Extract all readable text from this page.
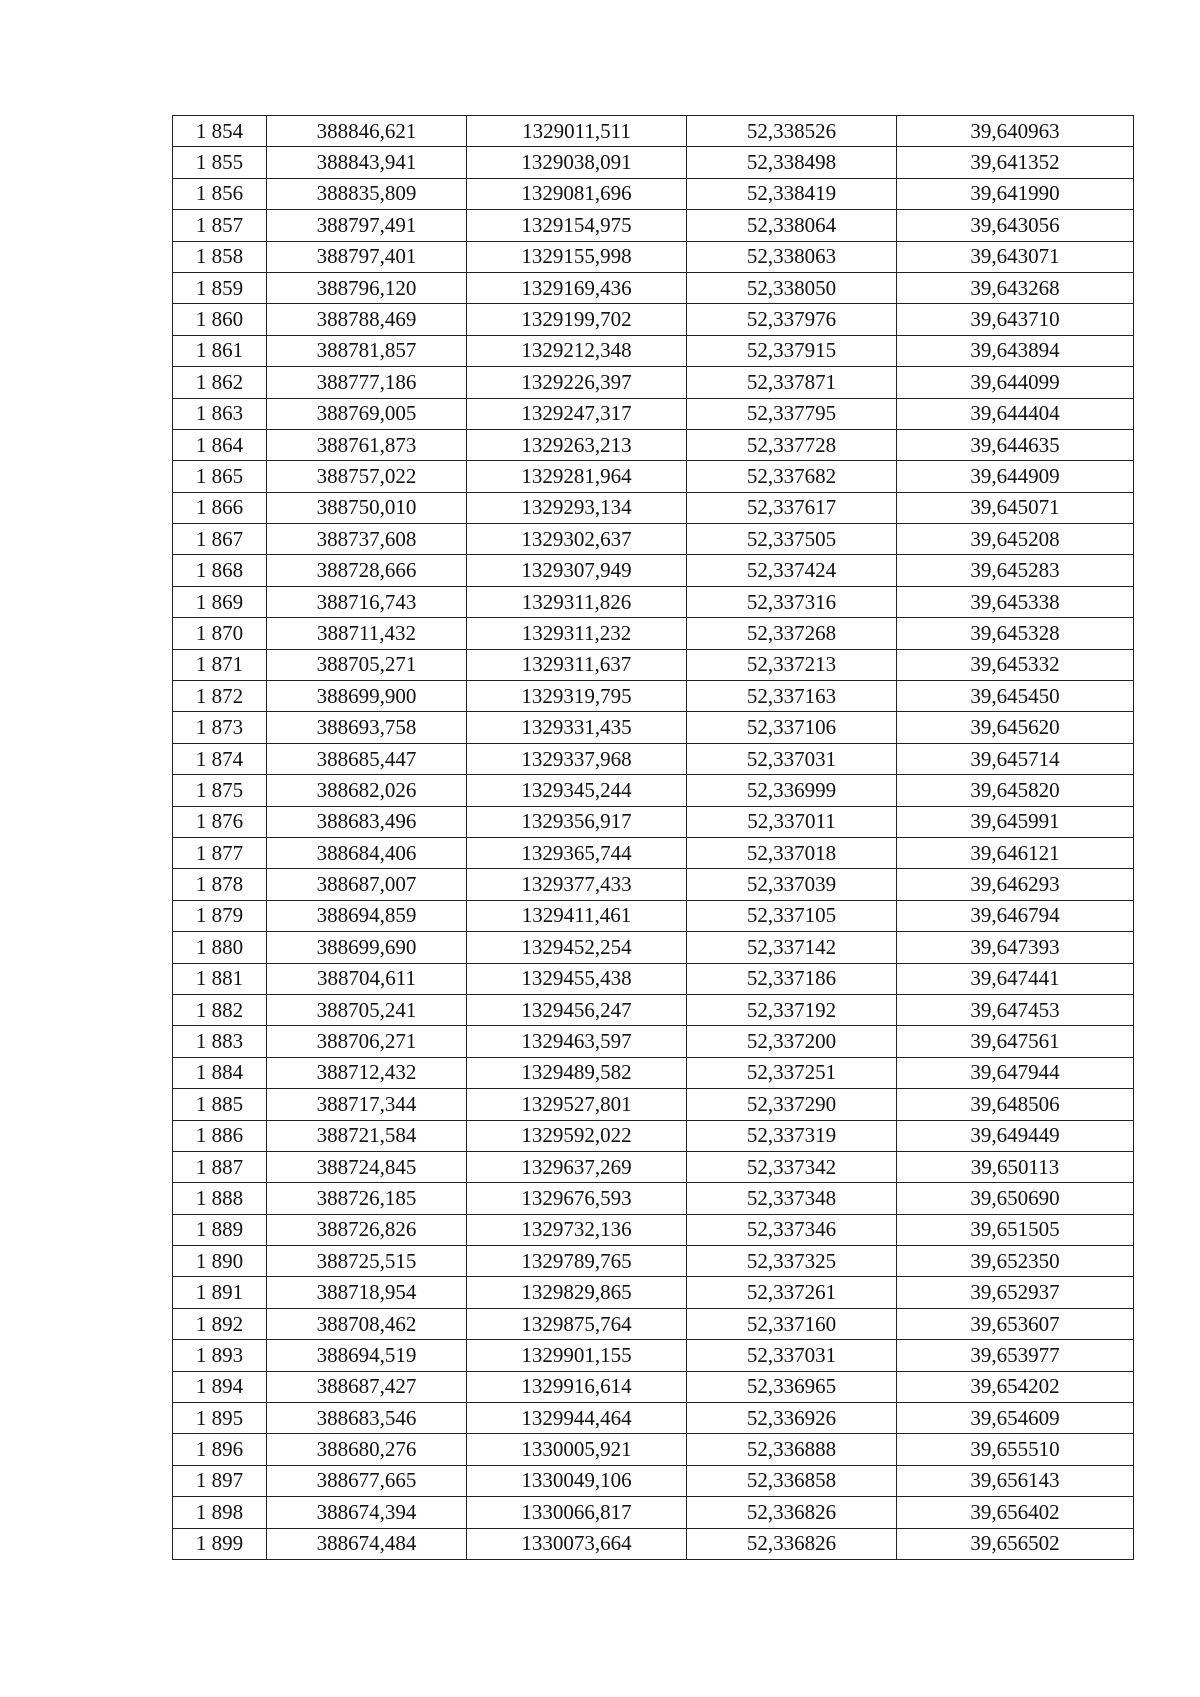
1 854	388846,621	1329011,511	52,338526	39,640963
1 855	388843,941	1329038,091	52,338498	39,641352
1 856	388835,809	1329081,696	52,338419	39,641990
1 857	388797,491	1329154,975	52,338064	39,643056
1 858	388797,401	1329155,998	52,338063	39,643071
1 859	388796,120	1329169,436	52,338050	39,643268
1 860	388788,469	1329199,702	52,337976	39,643710
1 861	388781,857	1329212,348	52,337915	39,643894
1 862	388777,186	1329226,397	52,337871	39,644099
1 863	388769,005	1329247,317	52,337795	39,644404
1 864	388761,873	1329263,213	52,337728	39,644635
1 865	388757,022	1329281,964	52,337682	39,644909
1 866	388750,010	1329293,134	52,337617	39,645071
1 867	388737,608	1329302,637	52,337505	39,645208
1 868	388728,666	1329307,949	52,337424	39,645283
1 869	388716,743	1329311,826	52,337316	39,645338
1 870	388711,432	1329311,232	52,337268	39,645328
1 871	388705,271	1329311,637	52,337213	39,645332
1 872	388699,900	1329319,795	52,337163	39,645450
1 873	388693,758	1329331,435	52,337106	39,645620
1 874	388685,447	1329337,968	52,337031	39,645714
1 875	388682,026	1329345,244	52,336999	39,645820
1 876	388683,496	1329356,917	52,337011	39,645991
1 877	388684,406	1329365,744	52,337018	39,646121
1 878	388687,007	1329377,433	52,337039	39,646293
1 879	388694,859	1329411,461	52,337105	39,646794
1 880	388699,690	1329452,254	52,337142	39,647393
1 881	388704,611	1329455,438	52,337186	39,647441
1 882	388705,241	1329456,247	52,337192	39,647453
1 883	388706,271	1329463,597	52,337200	39,647561
1 884	388712,432	1329489,582	52,337251	39,647944
1 885	388717,344	1329527,801	52,337290	39,648506
1 886	388721,584	1329592,022	52,337319	39,649449
1 887	388724,845	1329637,269	52,337342	39,650113
1 888	388726,185	1329676,593	52,337348	39,650690
1 889	388726,826	1329732,136	52,337346	39,651505
1 890	388725,515	1329789,765	52,337325	39,652350
1 891	388718,954	1329829,865	52,337261	39,652937
1 892	388708,462	1329875,764	52,337160	39,653607
1 893	388694,519	1329901,155	52,337031	39,653977
1 894	388687,427	1329916,614	52,336965	39,654202
1 895	388683,546	1329944,464	52,336926	39,654609
1 896	388680,276	1330005,921	52,336888	39,655510
1 897	388677,665	1330049,106	52,336858	39,656143
1 898	388674,394	1330066,817	52,336826	39,656402
1 899	388674,484	1330073,664	52,336826	39,656502
